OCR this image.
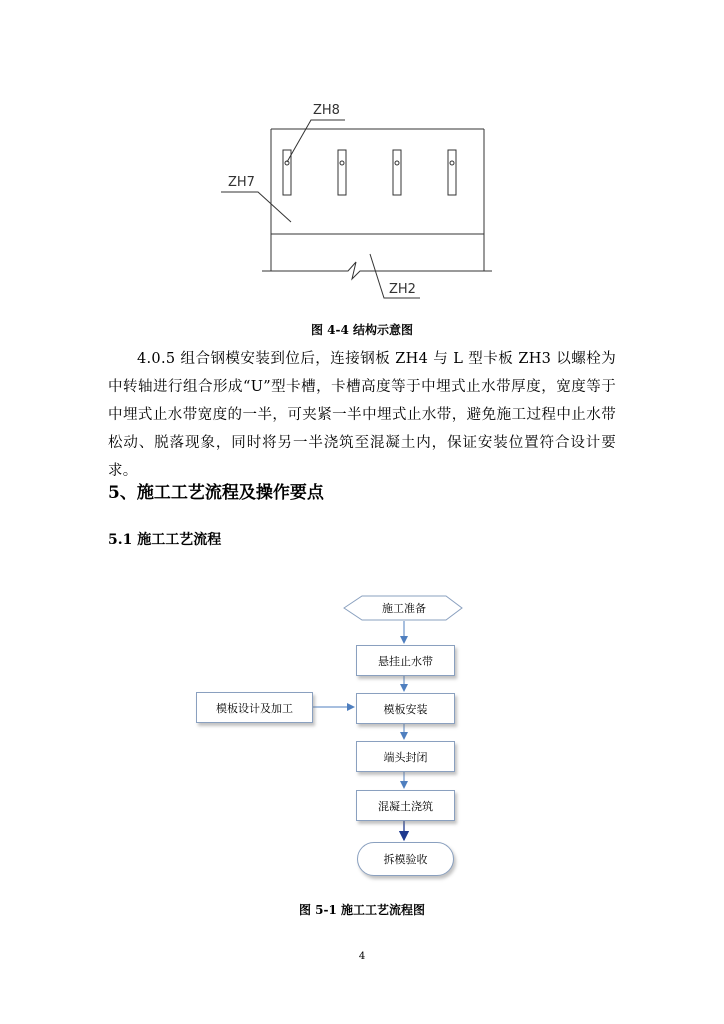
ZH8
ZH7
ZH2
图 4-4 结构示意图
4.0.5 组合钢模安装到位后，连接钢板 ZH4 与 L 型卡板 ZH3 以螺栓为中转轴进行组合形成“U”型卡槽，卡槽高度等于中埋式止水带厚度，宽度等于中埋式止水带宽度的一半，可夹紧一半中埋式止水带，避免施工过程中止水带松动、脱落现象，同时将另一半浇筑至混凝土内，保证安装位置符合设计要求。
5、施工工艺流程及操作要点
5.1 施工工艺流程
施工准备
悬挂止水带
模板安装
端头封闭
混凝土浇筑
模板设计及加工
拆模验收
图 5-1 施工工艺流程图
4
